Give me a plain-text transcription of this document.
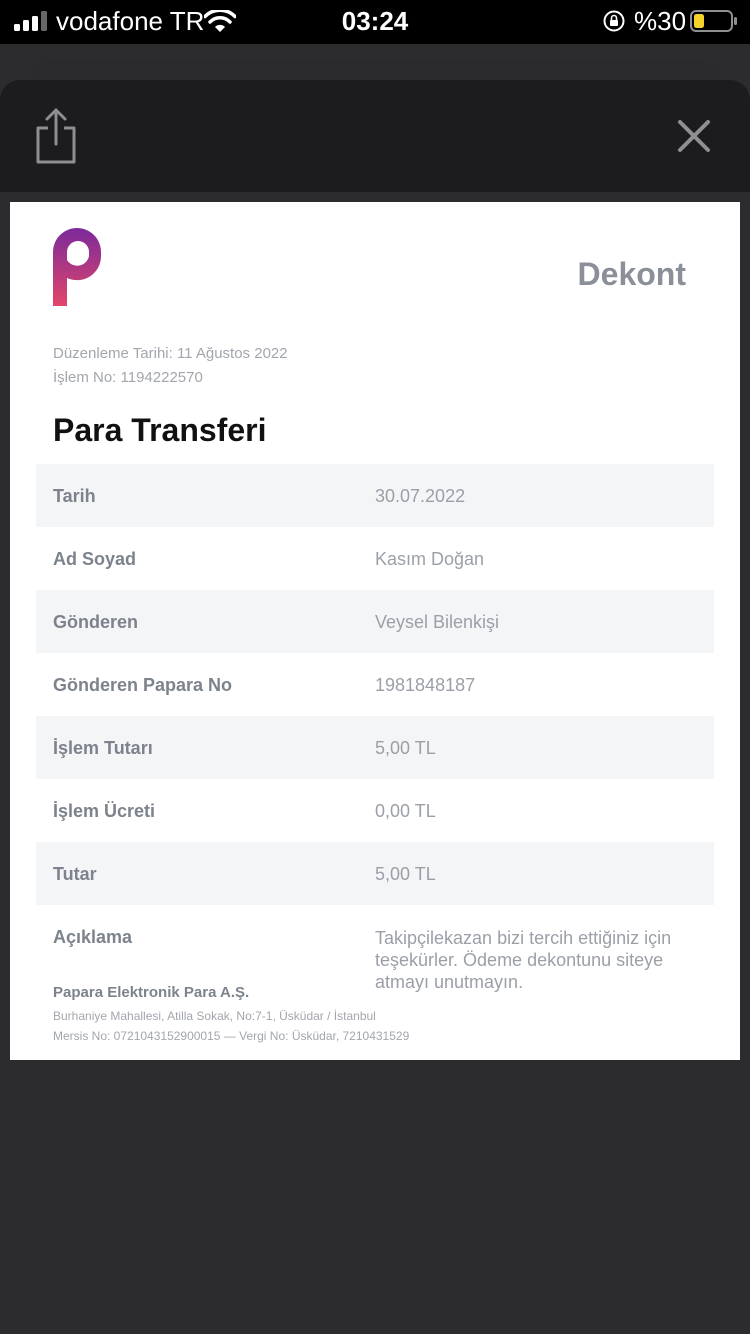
vodafone TR	03:24	%30
Dekont
Düzenleme Tarihi: 11 Ağustos 2022
İşlem No: 1194222570
Para Transferi
Tarih	30.07.2022
Ad Soyad	Kasım Doğan
Gönderen	Veysel Bilenkişi
Gönderen Papara No	1981848187
İşlem Tutarı	5,00 TL
İşlem Ücreti	0,00 TL
Tutar	5,00 TL
Açıklama	Takipçilekazan bizi tercih ettiğiniz için teşekürler. Ödeme dekontunu siteye atmayı unutmayın.
Papara Elektronik Para A.Ş.
Burhaniye Mahallesi, Atilla Sokak, No:7-1, Üsküdar / İstanbul
Mersis No: 0721043152900015 — Vergi No: Üsküdar, 7210431529
